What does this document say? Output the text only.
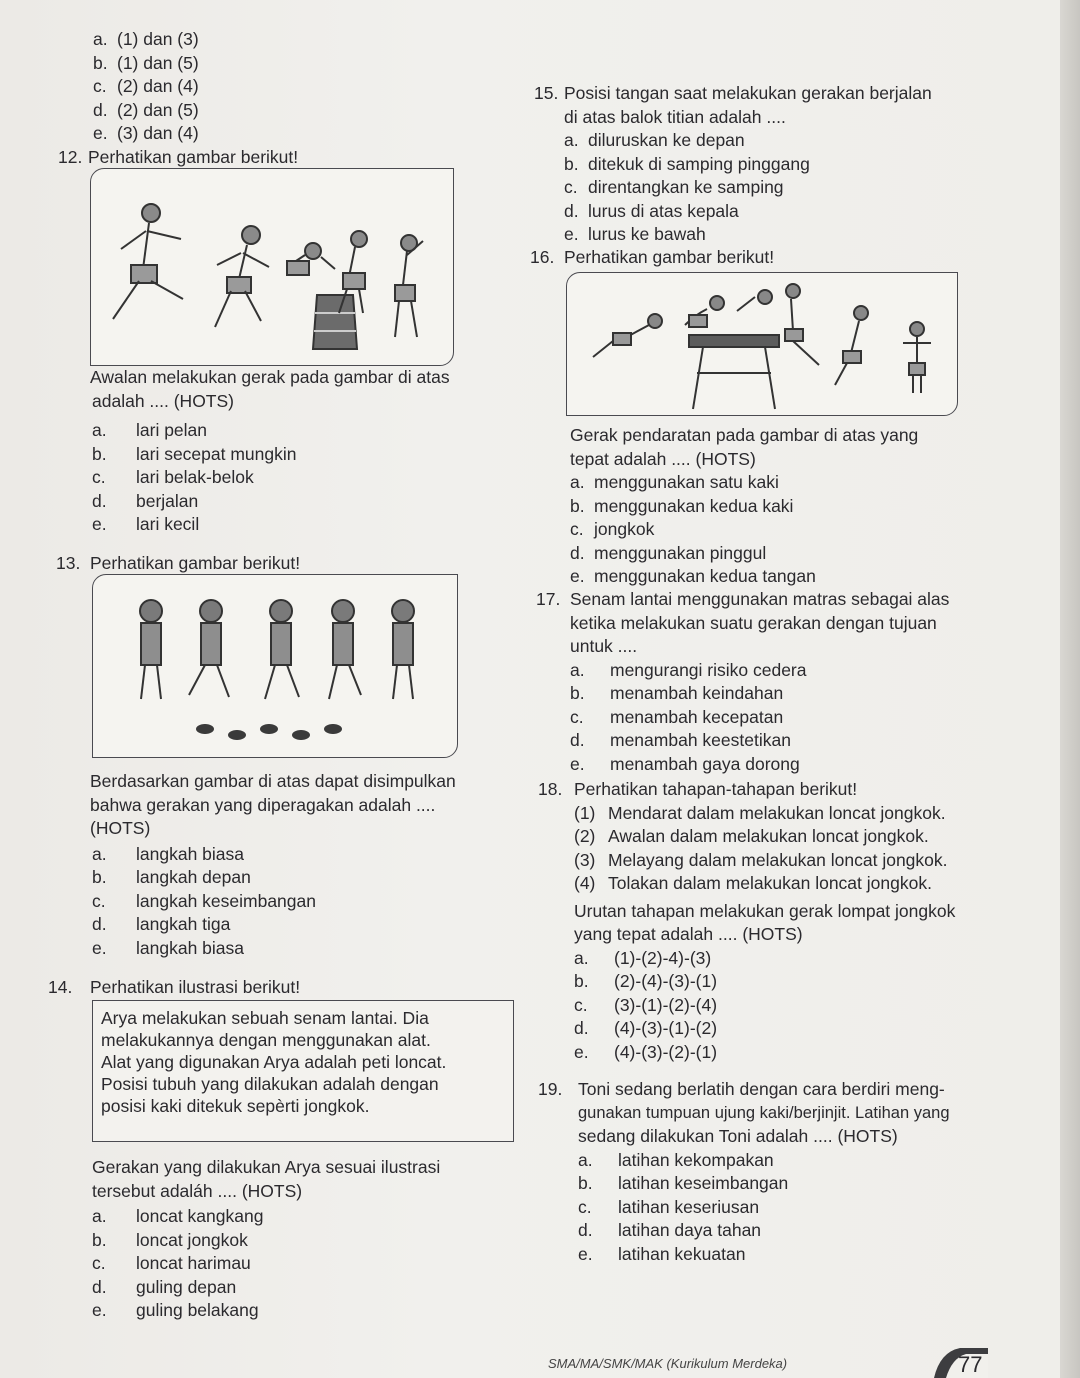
a. (1) dan (3)
b. (1) dan (5)
c. (2) dan (4)
d. (2) dan (5)
e. (3) dan (4)
12. Perhatikan gambar berikut!
Awalan melakukan gerak pada gambar di atas
adalah .... (HOTS)
a. lari pelan
b. lari secepat mungkin
c. lari belak-belok
d. berjalan
e. lari kecil
13. Perhatikan gambar berikut!
Berdasarkan gambar di atas dapat disimpulkan
bahwa gerakan yang diperagakan adalah ....
(HOTS)
a. langkah biasa
b. langkah depan
c. langkah keseimbangan
d. langkah tiga
e. langkah biasa
14. Perhatikan ilustrasi berikut!
Arya melakukan sebuah senam lantai. Dia
melakukannya dengan menggunakan alat.
Alat yang digunakan Arya adalah peti loncat.
Posisi tubuh yang dilakukan adalah dengan
posisi kaki ditekuk sepèrti jongkok.
Gerakan yang dilakukan Arya sesuai ilustrasi
tersebut adaláh .... (HOTS)
a. loncat kangkang
b. loncat jongkok
c. loncat harimau
d. guling depan
e. guling belakang
15. Posisi tangan saat melakukan gerakan berjalan
di atas balok titian adalah ....
a. diluruskan ke depan
b. ditekuk di samping pinggang
c. direntangkan ke samping
d. lurus di atas kepala
e. lurus ke bawah
16. Perhatikan gambar berikut!
Gerak pendaratan pada gambar di atas yang
tepat adalah .... (HOTS)
a. menggunakan satu kaki
b. menggunakan kedua kaki
c. jongkok
d. menggunakan pinggul
e. menggunakan kedua tangan
17. Senam lantai menggunakan matras sebagai alas
ketika melakukan suatu gerakan dengan tujuan
untuk ....
a. mengurangi risiko cedera
b. menambah keindahan
c. menambah kecepatan
d. menambah keestetikan
e. menambah gaya dorong
18. Perhatikan tahapan-tahapan berikut!
(1) Mendarat dalam melakukan loncat jongkok.
(2) Awalan dalam melakukan loncat jongkok.
(3) Melayang dalam melakukan loncat jongkok.
(4) Tolakan dalam melakukan loncat jongkok.
Urutan tahapan melakukan gerak lompat jongkok
yang tepat adalah .... (HOTS)
a. (1)-(2)-4)-(3)
b. (2)-(4)-(3)-(1)
c. (3)-(1)-(2)-(4)
d. (4)-(3)-(1)-(2)
e. (4)-(3)-(2)-(1)
19. Toni sedang berlatih dengan cara berdiri meng-
gunakan tumpuan ujung kaki/berjinjit. Latihan yang
sedang dilakukan Toni adalah .... (HOTS)
a. latihan kekompakan
b. latihan keseimbangan
c. latihan keseriusan
d. latihan daya tahan
e. latihan kekuatan
SMA/MA/SMK/MAK (Kurikulum Merdeka)	77
